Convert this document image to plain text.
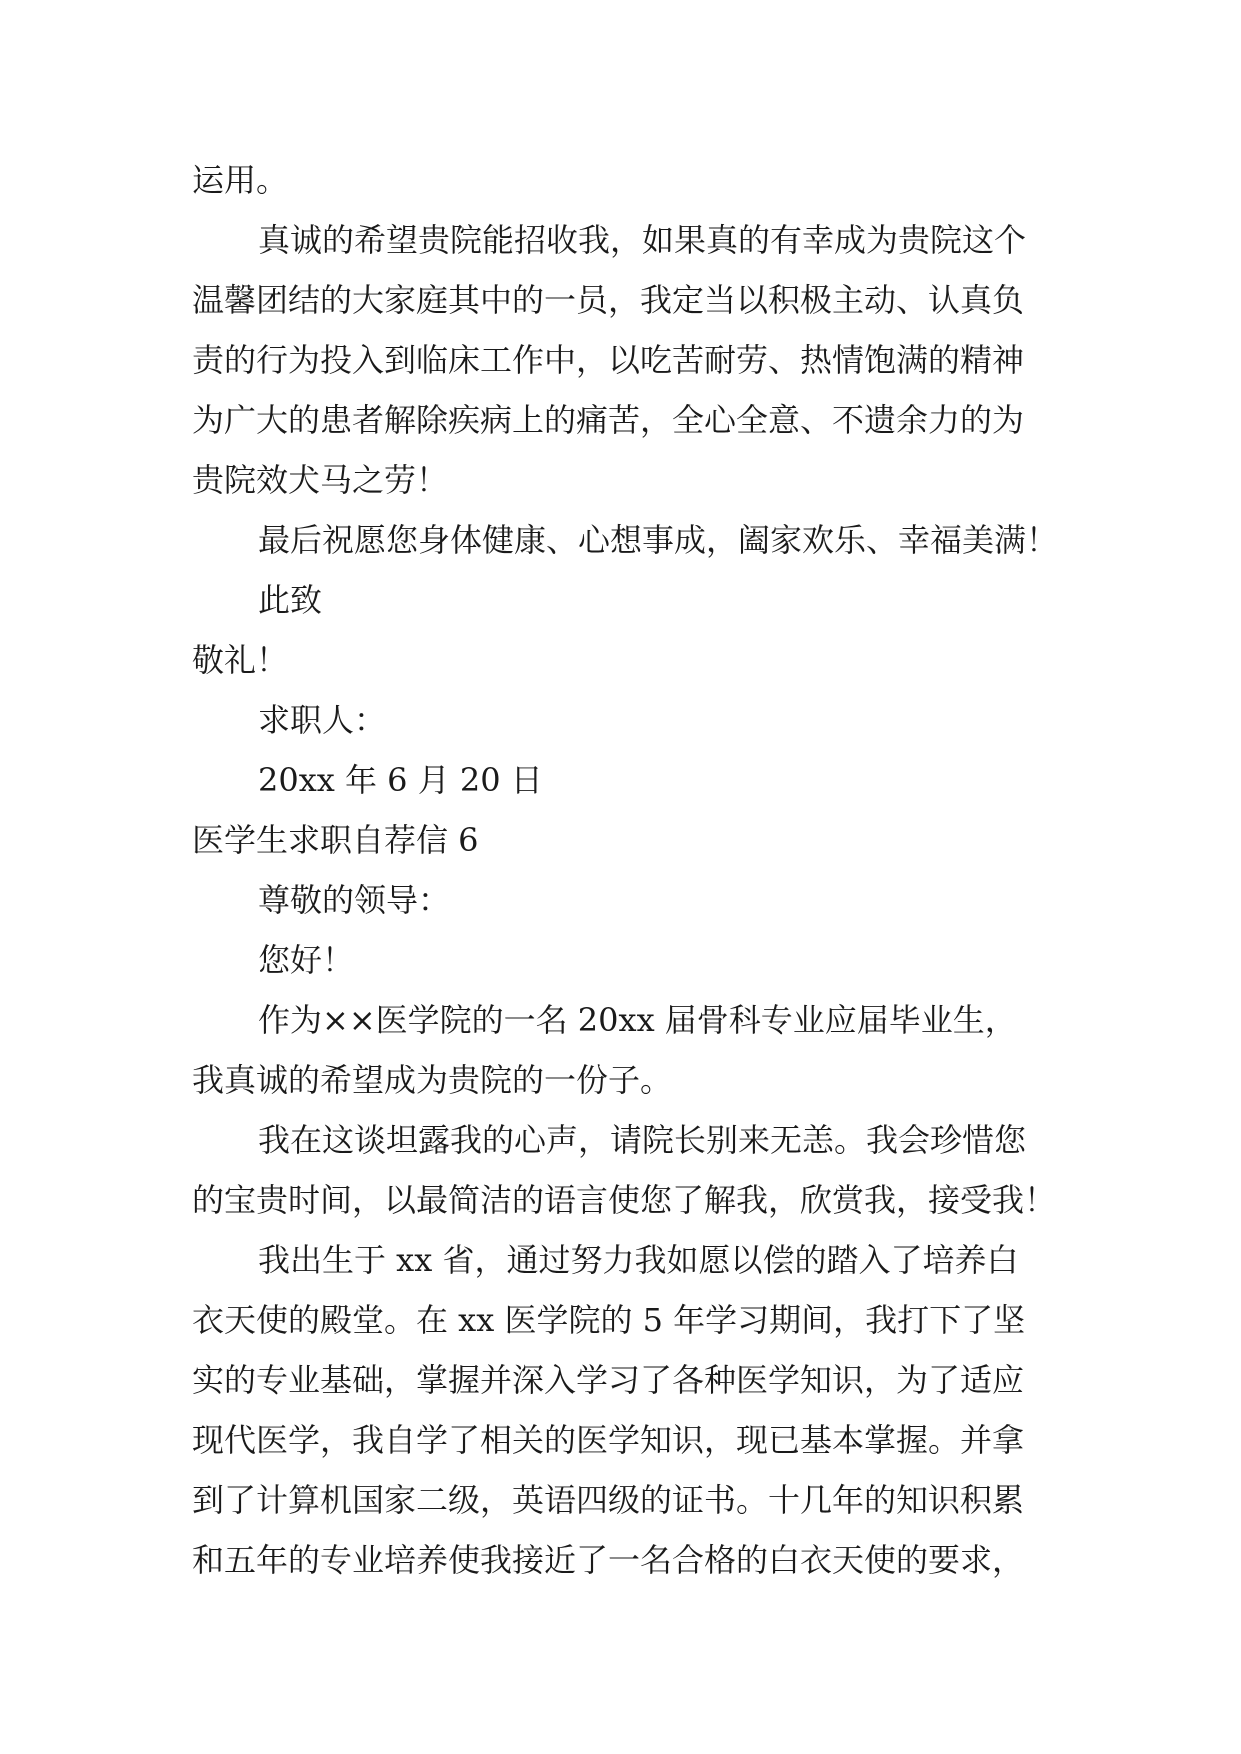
运用。
真诚的希望贵院能招收我，如果真的有幸成为贵院这个
温馨团结的大家庭其中的一员，我定当以积极主动、认真负
责的行为投入到临床工作中，以吃苦耐劳、热情饱满的精神
为广大的患者解除疾病上的痛苦，全心全意、不遗余力的为
贵院效犬马之劳！
最后祝愿您身体健康、心想事成，阖家欢乐、幸福美满！
此致
敬礼！
求职人：
20xx 年 6 月 20 日
医学生求职自荐信 6
尊敬的领导：
您好！
作为××医学院的一名 20xx 届骨科专业应届毕业生，
我真诚的希望成为贵院的一份子。
我在这谈坦露我的心声，请院长别来无恙。我会珍惜您
的宝贵时间，以最简洁的语言使您了解我，欣赏我，接受我！
我出生于 xx 省，通过努力我如愿以偿的踏入了培养白
衣天使的殿堂。在 xx 医学院的 5 年学习期间，我打下了坚
实的专业基础，掌握并深入学习了各种医学知识，为了适应
现代医学，我自学了相关的医学知识，现已基本掌握。并拿
到了计算机国家二级，英语四级的证书。十几年的知识积累
和五年的专业培养使我接近了一名合格的白衣天使的要求，
